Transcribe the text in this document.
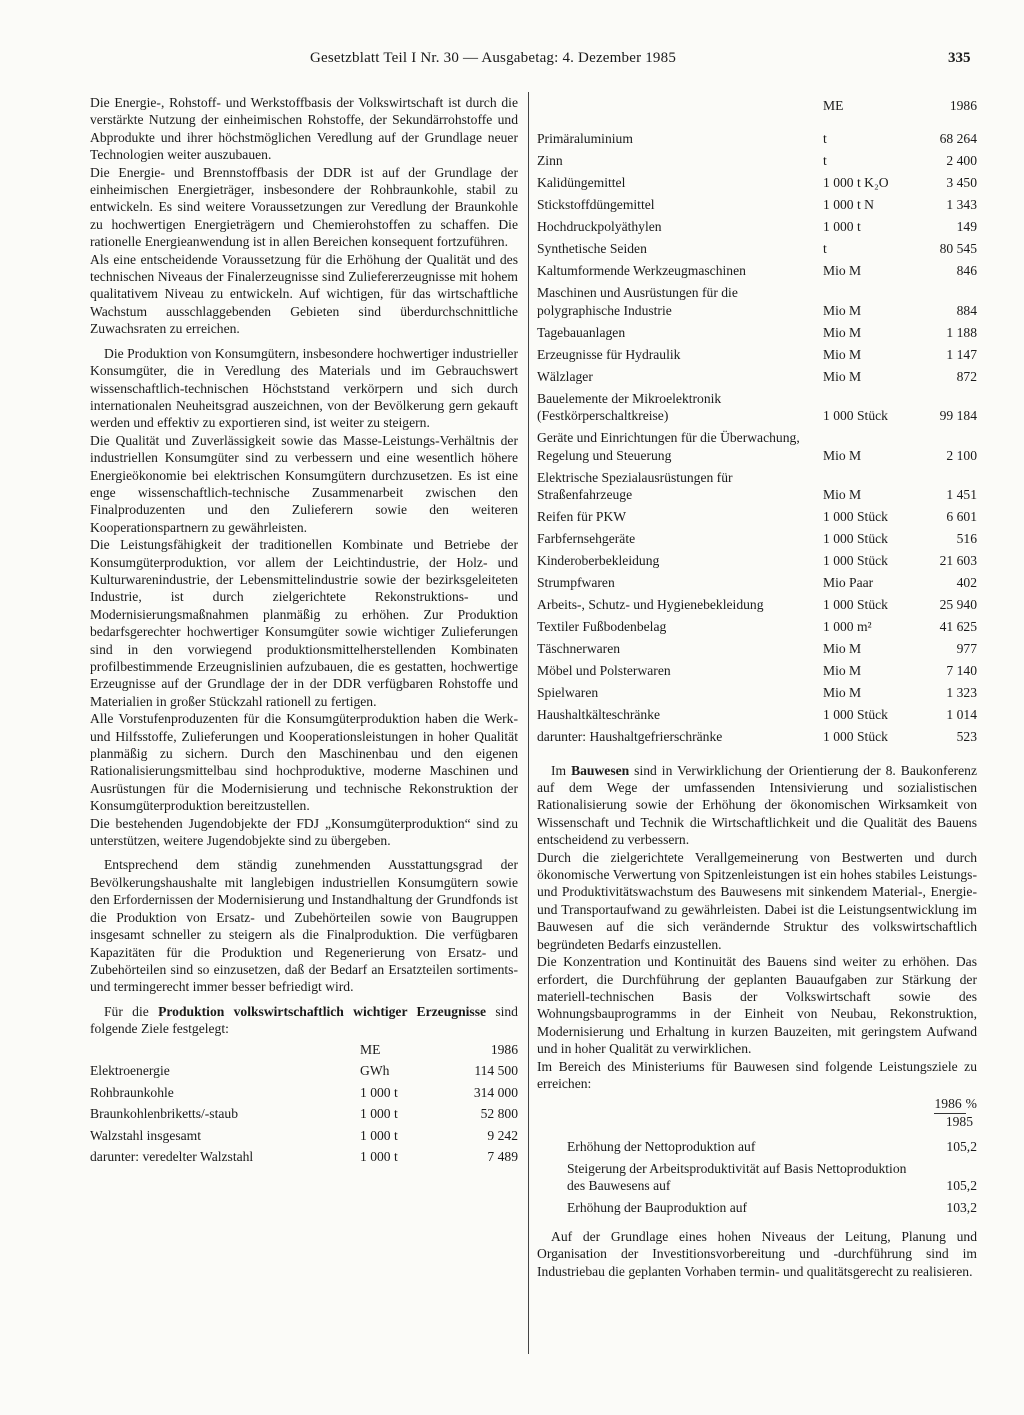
Gesetzblatt Teil I Nr. 30 — Ausgabetag: 4. Dezember 1985	335

Die Energie-, Rohstoff- und Werkstoffbasis der Volkswirtschaft ist durch die verstärkte Nutzung der einheimischen Rohstoffe, der Sekundärrohstoffe und Abprodukte und ihrer höchstmöglichen Veredlung auf der Grundlage neuer Technologien weiter auszubauen.

Die Energie- und Brennstoffbasis der DDR ist auf der Grundlage der einheimischen Energieträger, insbesondere der Rohbraunkohle, stabil zu entwickeln. Es sind weitere Voraussetzungen zur Veredlung der Braunkohle zu hochwertigen Energieträgern und Chemierohstoffen zu schaffen. Die rationelle Energieanwendung ist in allen Bereichen konsequent fortzuführen.

Als eine entscheidende Voraussetzung für die Erhöhung der Qualität und des technischen Niveaus der Finalerzeugnisse sind Zuliefererzeugnisse mit hohem qualitativem Niveau zu entwickeln. Auf wichtigen, für das wirtschaftliche Wachstum ausschlaggebenden Gebieten sind überdurchschnittliche Zuwachsraten zu erreichen.

Die Produktion von Konsumgütern, insbesondere hochwertiger industrieller Konsumgüter, die in Veredlung des Materials und im Gebrauchswert wissenschaftlich-technischen Höchststand verkörpern und sich durch internationalen Neuheitsgrad auszeichnen, von der Bevölkerung gern gekauft werden und effektiv zu exportieren sind, ist weiter zu steigern.

Die Qualität und Zuverlässigkeit sowie das Masse-Leistungs-Verhältnis der industriellen Konsumgüter sind zu verbessern und eine wesentlich höhere Energieökonomie bei elektrischen Konsumgütern durchzusetzen. Es ist eine enge wissenschaftlich-technische Zusammenarbeit zwischen den Finalproduzenten und den Zulieferern sowie den weiteren Kooperationspartnern zu gewährleisten.

Die Leistungsfähigkeit der traditionellen Kombinate und Betriebe der Konsumgüterproduktion, vor allem der Leichtindustrie, der Holz- und Kulturwarenindustrie, der Lebensmittelindustrie sowie der bezirksgeleiteten Industrie, ist durch zielgerichtete Rekonstruktions- und Modernisierungsmaßnahmen planmäßig zu erhöhen. Zur Produktion bedarfsgerechter hochwertiger Konsumgüter sowie wichtiger Zulieferungen sind in den vorwiegend produktionsmittelherstellenden Kombinaten profilbestimmende Erzeugnislinien aufzubauen, die es gestatten, hochwertige Erzeugnisse auf der Grundlage der in der DDR verfügbaren Rohstoffe und Materialien in großer Stückzahl rationell zu fertigen.

Alle Vorstufenproduzenten für die Konsumgüterproduktion haben die Werk- und Hilfsstoffe, Zulieferungen und Kooperationsleistungen in hoher Qualität planmäßig zu sichern. Durch den Maschinenbau und den eigenen Rationalisierungsmittelbau sind hochproduktive, moderne Maschinen und Ausrüstungen für die Modernisierung und technische Rekonstruktion der Konsumgüterproduktion bereitzustellen.

Die bestehenden Jugendobjekte der FDJ „Konsumgüterproduktion“ sind zu unterstützen, weitere Jugendobjekte sind zu übergeben.

Entsprechend dem ständig zunehmenden Ausstattungsgrad der Bevölkerungshaushalte mit langlebigen industriellen Konsumgütern sowie den Erfordernissen der Modernisierung und Instandhaltung der Grundfonds ist die Produktion von Ersatz- und Zubehörteilen sowie von Baugruppen insgesamt schneller zu steigern als die Finalproduktion. Die verfügbaren Kapazitäten für die Produktion und Regenerierung von Ersatz- und Zubehörteilen sind so einzusetzen, daß der Bedarf an Ersatzteilen sortiments- und termingerecht immer besser befriedigt wird.

Für die Produktion volkswirtschaftlich wichtiger Erzeugnisse sind folgende Ziele festgelegt:

	ME	1986
Elektroenergie	GWh	114 500
Rohbraunkohle	1 000 t	314 000
Braunkohlenbriketts/-staub	1 000 t	52 800
Walzstahl insgesamt	1 000 t	9 242
darunter: veredelter Walzstahl	1 000 t	7 489
	ME	1986

Primäraluminium	t	68 264
Zinn	t	2 400
Kalidüngemittel	1 000 t K₂O	3 450
Stickstoffdüngemittel	1 000 t N	1 343
Hochdruckpolyäthylen	1 000 t	149
Synthetische Seiden	t	80 545
Kaltumformende Werkzeugmaschinen	Mio M	846
Maschinen und Ausrüstungen für die polygraphische Industrie	Mio M	884
Tagebauanlagen	Mio M	1 188
Erzeugnisse für Hydraulik	Mio M	1 147
Wälzlager	Mio M	872
Bauelemente der Mikroelektronik (Festkörperschaltkreise)	1 000 Stück	99 184
Geräte und Einrichtungen für die Überwachung, Regelung und Steuerung	Mio M	2 100
Elektrische Spezialausrüstungen für Straßenfahrzeuge	Mio M	1 451
Reifen für PKW	1 000 Stück	6 601
Farbfernsehgeräte	1 000 Stück	516
Kinderoberbekleidung	1 000 Stück	21 603
Strumpfwaren	Mio Paar	402
Arbeits-, Schutz- und Hygienebekleidung	1 000 Stück	25 940
Textiler Fußbodenbelag	1 000 m²	41 625
Täschnerwaren	Mio M	977
Möbel und Polsterwaren	Mio M	7 140
Spielwaren	Mio M	1 323
Haushaltkälteschränke	1 000 Stück	1 014
darunter: Haushaltgefrierschränke	1 000 Stück	523

Im Bauwesen sind in Verwirklichung der Orientierung der 8. Baukonferenz auf dem Wege der umfassenden Intensivierung und sozialistischen Rationalisierung sowie der Erhöhung der ökonomischen Wirksamkeit von Wissenschaft und Technik die Wirtschaftlichkeit und die Qualität des Bauens entscheidend zu verbessern.

Durch die zielgerichtete Verallgemeinerung von Bestwerten und durch ökonomische Verwertung von Spitzenleistungen ist ein hohes stabiles Leistungs- und Produktivitätswachstum des Bauwesens mit sinkendem Material-, Energie- und Transportaufwand zu gewährleisten. Dabei ist die Leistungsentwicklung im Bauwesen auf die sich verändernde Struktur des volkswirtschaftlich begründeten Bedarfs einzustellen.

Die Konzentration und Kontinuität des Bauens sind weiter zu erhöhen. Das erfordert, die Durchführung der geplanten Bauaufgaben zur Stärkung der materiell-technischen Basis der Volkswirtschaft sowie des Wohnungsbauprogramms in der Einheit von Neubau, Rekonstruktion, Modernisierung und Erhaltung in kurzen Bauzeiten, mit geringstem Aufwand und in hoher Qualität zu verwirklichen.

Im Bereich des Ministeriums für Bauwesen sind folgende Leistungsziele zu erreichen:

1986 %
1985
Erhöhung der Nettoproduktion auf	105,2
Steigerung der Arbeitsproduktivität auf Basis Nettoproduktion des Bauwesens auf	105,2
Erhöhung der Bauproduktion auf	103,2

Auf der Grundlage eines hohen Niveaus der Leitung, Planung und Organisation der Investitionsvorbereitung und -durchführung sind im Industriebau die geplanten Vorhaben termin- und qualitätsgerecht zu realisieren.
